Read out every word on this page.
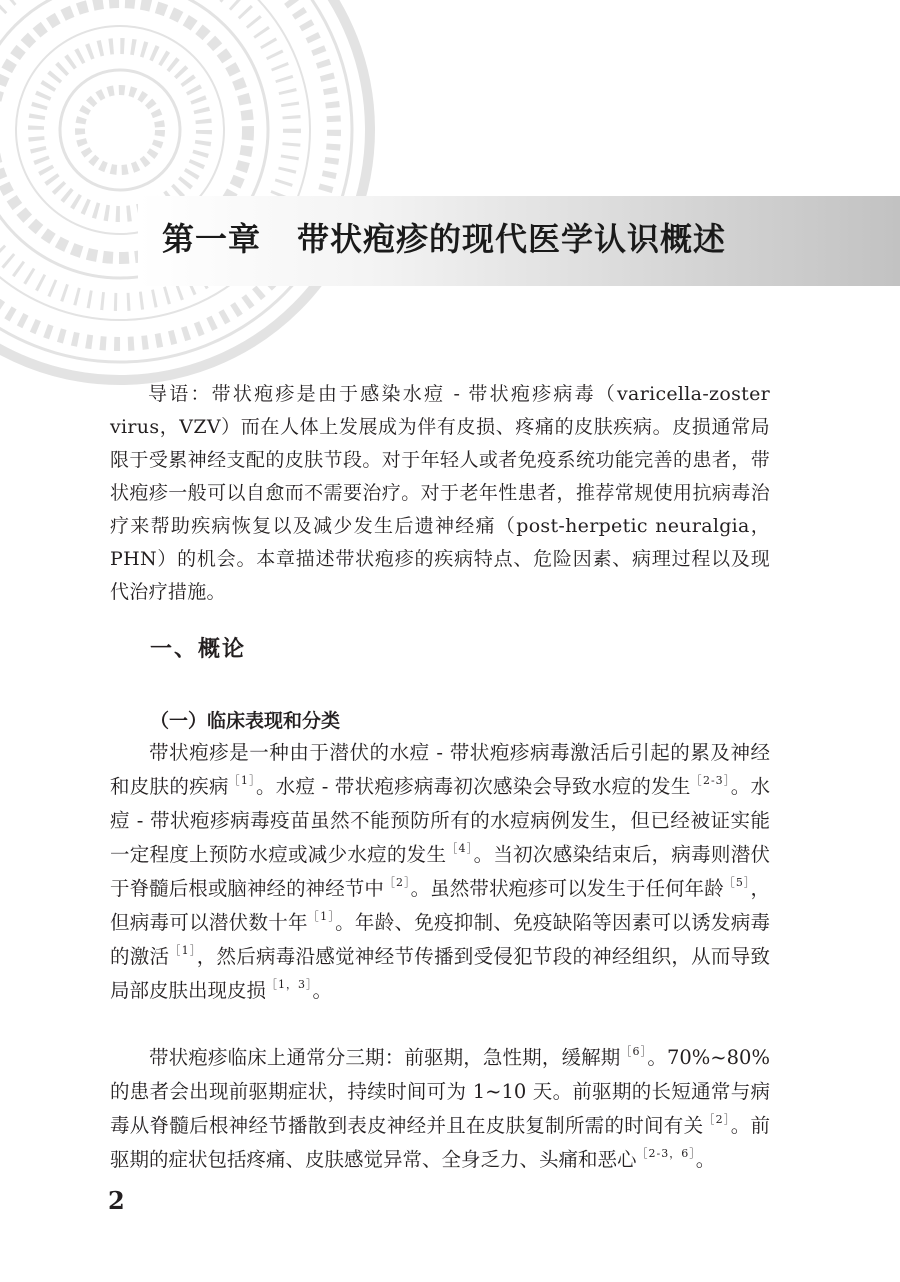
第一章 带状疱疹的现代医学认识概述

导语：带状疱疹是由于感染水痘 - 带状疱疹病毒（varicella-zoster virus，VZV）而在人体上发展成为伴有皮损、疼痛的皮肤疾病。皮损通常局限于受累神经支配的皮肤节段。对于年轻人或者免疫系统功能完善的患者，带状疱疹一般可以自愈而不需要治疗。对于老年性患者，推荐常规使用抗病毒治疗来帮助疾病恢复以及减少发生后遗神经痛（post-herpetic neuralgia，PHN）的机会。本章描述带状疱疹的疾病特点、危险因素、病理过程以及现代治疗措施。

一、概论
（一）临床表现和分类

带状疱疹是一种由于潜伏的水痘 - 带状疱疹病毒激活后引起的累及神经和皮肤的疾病$^{[1]}$。水痘 - 带状疱疹病毒初次感染会导致水痘的发生$^{[2-3]}$。水痘 - 带状疱疹病毒疫苗虽然不能预防所有的水痘病例发生，但已经被证实能一定程度上预防水痘或减少水痘的发生$^{[4]}$。当初次感染结束后，病毒则潜伏于脊髓后根或脑神经的神经节中$^{[2]}$。虽然带状疱疹可以发生于任何年龄$^{[5]}$，但病毒可以潜伏数十年$^{[1]}$。年龄、免疫抑制、免疫缺陷等因素可以诱发病毒的激活$^{[1]}$，然后病毒沿感觉神经节传播到受侵犯节段的神经组织，从而导致局部皮肤出现皮损$^{[1,3]}$。

带状疱疹临床上通常分三期：前驱期，急性期，缓解期$^{[6]}$。70%~80% 的患者会出现前驱期症状，持续时间可为 1~10 天。前驱期的长短通常与病毒从脊髓后根神经节播散到表皮神经并且在皮肤复制所需的时间有关$^{[2]}$。前驱期的症状包括疼痛、皮肤感觉异常、全身乏力、头痛和恶心$^{[2-3,6]}$。

2
